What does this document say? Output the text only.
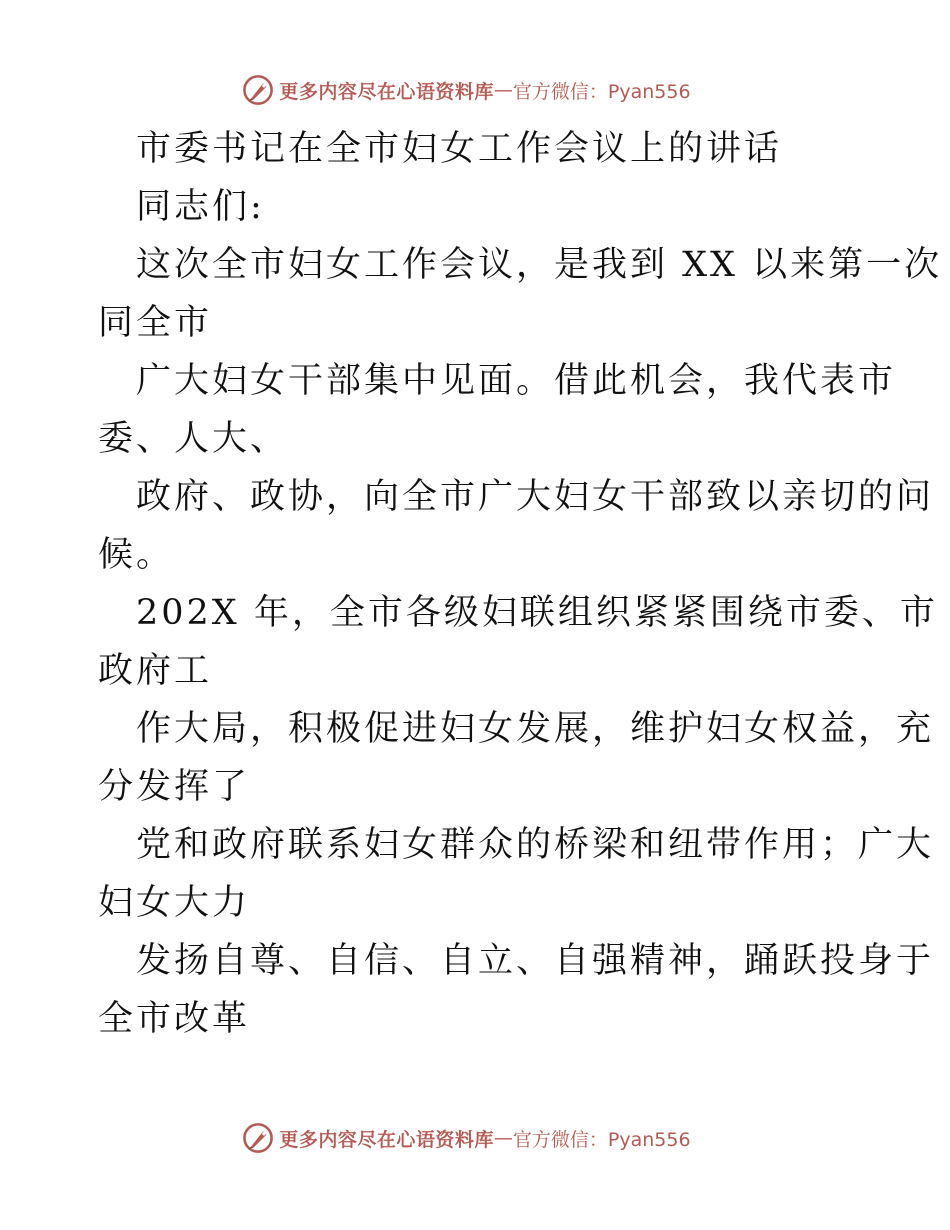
更多内容尽在心语资料库 — 官方微信：Pyan556
市委书记在全市妇女工作会议上的讲话
同志们:
这次全市妇女工作会议，是我到 XX 以来第一次
同全市
广大妇女干部集中见面。借此机会，我代表市
委、人大、
政府、政协，向全市广大妇女干部致以亲切的问
候。
202X 年，全市各级妇联组织紧紧围绕市委、市
政府工
作大局，积极促进妇女发展，维护妇女权益，充
分发挥了
党和政府联系妇女群众的桥梁和纽带作用；广大
妇女大力
发扬自尊、自信、自立、自强精神，踊跃投身于
全市改革
更多内容尽在心语资料库 — 官方微信：Pyan556
